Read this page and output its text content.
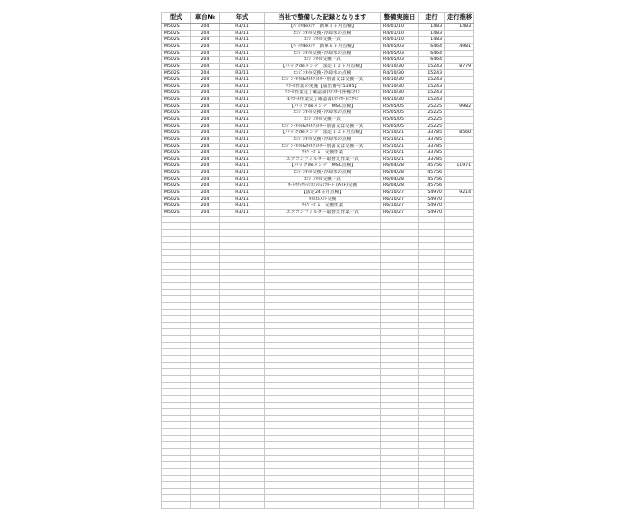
型式	車台№	年式	当社で整備した記録となります	整備実施日	走行	走行推移
M502S	204	R3/11	【ﾊﾟｯｸdeﾒﾝﾃ　新車１ヶ月点検】	R4/01/10	1483	1483
M502S	204	R3/11	ｴﾝｼﾞﾝｵｲﾙ交換･冷却水の点検	R4/01/10	1483	
M502S	204	R3/11	ｴﾝｼﾞﾝｵｲﾙ交換一式	R4/01/10	1483	
M502S	204	R3/11	【ﾊﾟｯｸdeﾒﾝﾃ　新車６ヶ月点検】	R4/05/03	6464	4981
M502S	204	R3/11	ｴﾝｼﾞﾝｵｲﾙ交換･冷却水の点検	R4/05/03	6464	
M502S	204	R3/11	ｴﾝｼﾞﾝｵｲﾙ交換一式	R4/05/03	6464	
M502S	204	R3/11	【パックdeメンテ　法定１２ヶ月点検】	R4/10/30	15243	8779
M502S	204	R3/11	ｴﾝｼﾞﾝｵｲﾙ交換･冷却水の点検	R4/10/30	15243	
M502S	204	R3/11	ｴﾝｼﾞﾝ･ｵｲﾙ&ｵｲﾙﾌｨﾙﾀｰ･別書又は交換一式	R4/10/30	15243	
M502S	204	R3/11	ﾘｺｰﾙ作業の実施【届出番号:5195】	R4/10/30	15243	
M502S	204	R3/11	ﾘｺｰﾙ作業完了確認書(ｽﾃｯｶｰ)各種ﾆﾁｲﾝ	R4/10/30	15243	
M502S	204	R3/11	①ﾘｺｰﾙ作業完了確認書(ｽﾃｯｶｰ)にｻｲﾝ	R4/10/30	15243	
M502S	204	R3/11	【パックdeメンテ　MSC点検】	R5/05/05	25225	9982
M502S	204	R3/11	ｴﾝｼﾞﾝｵｲﾙ交換･冷却水の点検	R5/05/05	25225	
M502S	204	R3/11	ｴﾝｼﾞﾝｵｲﾙ交換一式	R5/05/05	25225	
M502S	204	R3/11	ｴﾝｼﾞﾝ･ｵｲﾙ&ｵｲﾙﾌｨﾙﾀｰ･別書又は交換一式	R5/05/05	25225	
M502S	204	R3/11	【パックdeメンテ　法定１２ヶ月点検】	R5/10/21	33785	8560
M502S	204	R3/11	ｴﾝｼﾞﾝｵｲﾙ交換･冷却水の点検	R5/10/21	33785	
M502S	204	R3/11	ｴﾝｼﾞﾝ･ｵｲﾙ&ｵｲﾙﾌｨﾙﾀｰ･別書又は交換一式	R5/10/21	33785	
M502S	204	R3/11	ﾜｲﾊﾟｰｺﾞﾑ　交換作業	R5/10/21	33785	
M502S	204	R3/11	エアコンフィルター取替え作業一式	R5/10/21	33785	
M502S	204	R3/11	【パックdeメンテ　MSC点検】	R6/04/28	45756	11971
M502S	204	R3/11	ｴﾝｼﾞﾝｵｲﾙ交換･冷却水の点検	R6/04/28	45756	
M502S	204	R3/11	ｴﾝｼﾞﾝｵｲﾙ交換一式	R6/04/28	45756	
M502S	204	R3/11	ｵｰﾄﾏﾁｯｸﾄﾗﾝｽﾐｯｼｮﾝﾌﾙｰﾄﾞ(ATF)交換	R6/04/28	45756	
M502S	204	R3/11	【法定24ヵ月点検】	R6/10/27	54970	9214
M502S	204	R3/11	ｵｲﾙｴﾚﾒﾝﾄ交換	R6/10/27	54970	
M502S	204	R3/11	ﾜｲﾊﾟｰｺﾞﾑ　交換作業	R6/10/27	54970	
M502S	204	R3/11	エアコンフィルター取替え作業一式	R6/10/27	54970	
